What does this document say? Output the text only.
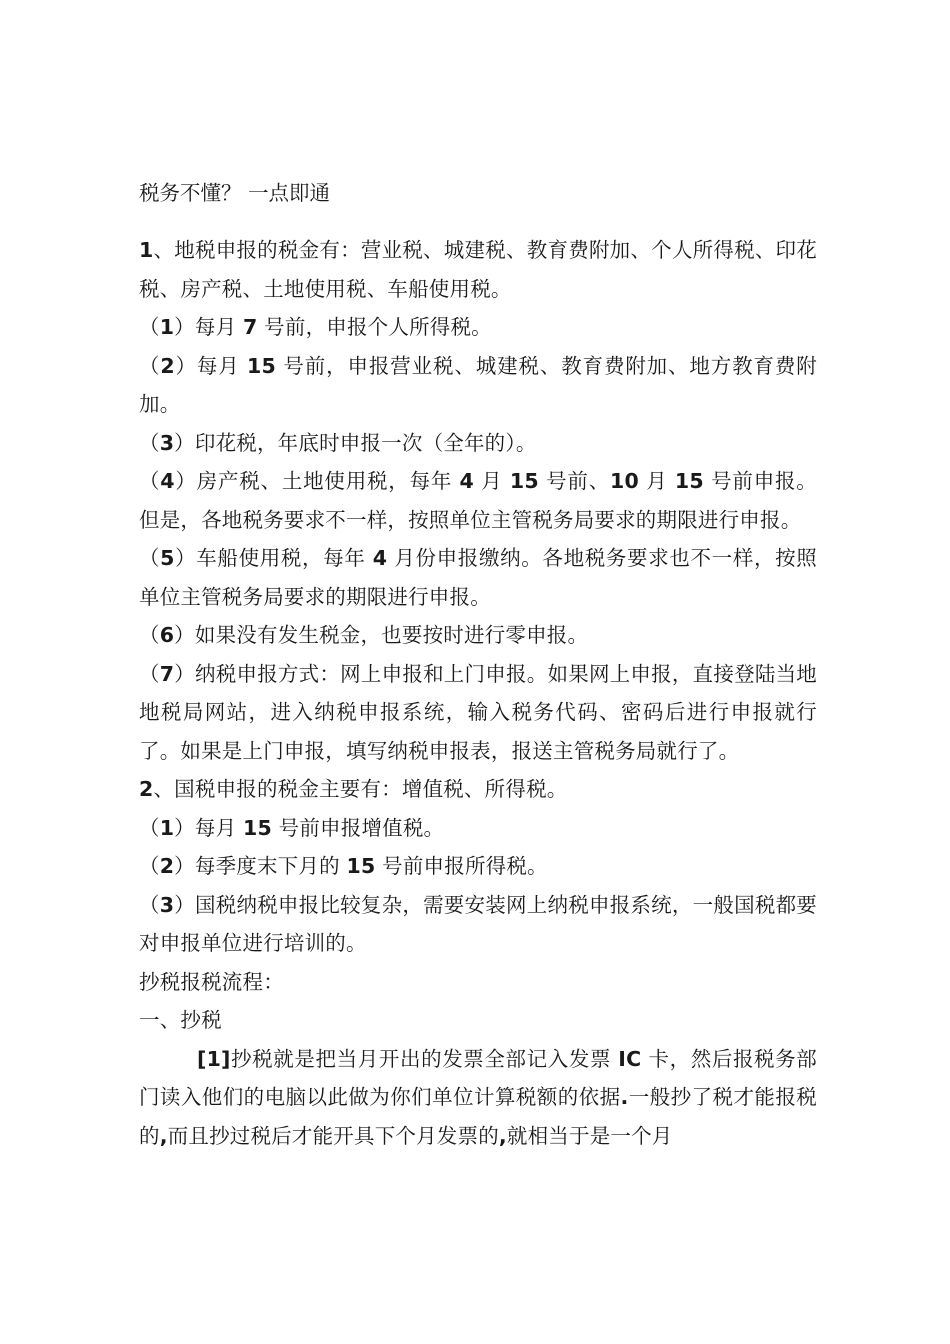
税务不懂？ 一点即通

1、地税申报的税金有：营业税、城建税、教育费附加、个人所得税、印花税、房产税、土地使用税、车船使用税。

（1）每月 7 号前，申报个人所得税。

（2）每月 15 号前，申报营业税、城建税、教育费附加、地方教育费附加。

（3）印花税，年底时申报一次（全年的）。

（4）房产税、土地使用税，每年 4 月 15 号前、10 月 15 号前申报。但是，各地税务要求不一样，按照单位主管税务局要求的期限进行申报。

（5）车船使用税，每年 4 月份申报缴纳。各地税务要求也不一样，按照单位主管税务局要求的期限进行申报。

（6）如果没有发生税金，也要按时进行零申报。

（7）纳税申报方式：网上申报和上门申报。如果网上申报，直接登陆当地地税局网站，进入纳税申报系统，输入税务代码、密码后进行申报就行了。如果是上门申报，填写纳税申报表，报送主管税务局就行了。

2、国税申报的税金主要有：增值税、所得税。

（1）每月 15 号前申报增值税。

（2）每季度末下月的 15 号前申报所得税。

（3）国税纳税申报比较复杂，需要安装网上纳税申报系统，一般国税都要对申报单位进行培训的。

抄税报税流程：

一、抄税

[1]抄税就是把当月开出的发票全部记入发票 IC 卡，然后报税务部门读入他们的电脑以此做为你们单位计算税额的依据.一般抄了税才能报税的,而且抄过税后才能开具下个月发票的,就相当于是一个月
